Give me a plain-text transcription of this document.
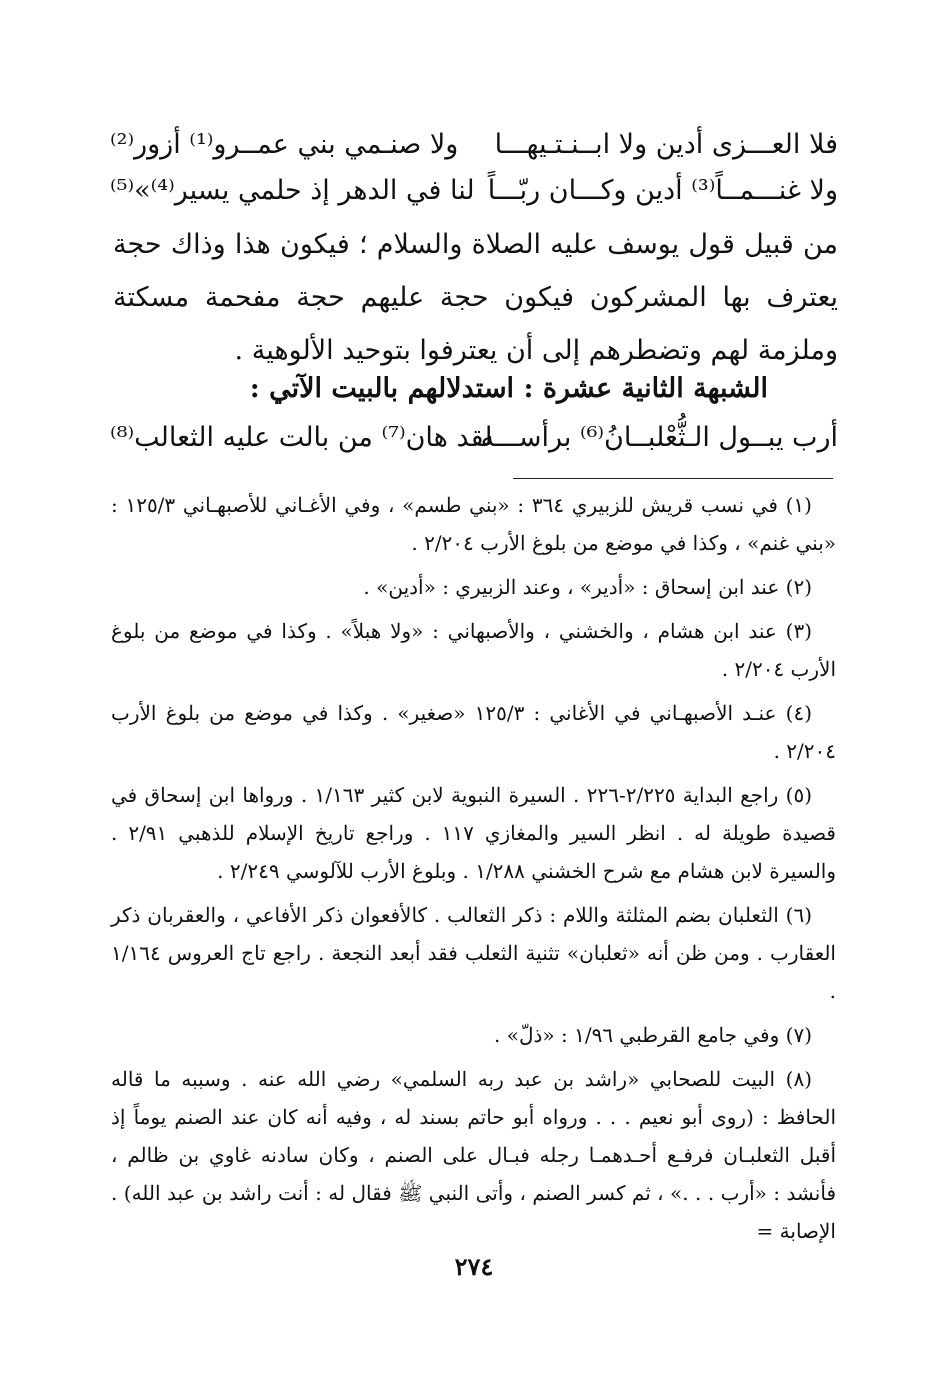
فلا العـــزى أدين ولا ابــنـتـيهـــا
ولا صنـمي بني عمــرو⁽¹⁾ أزور⁽²⁾
ولا غنـــمــاً⁽³⁾ أدين وكـــان ربّـــاً
لنا في الدهر إذ حلمي يسير⁽⁴⁾»⁽⁵⁾
من قبيل قول يوسف عليه الصلاة والسلام ؛ فيكون هذا وذاك حجة يعترف بها المشركون فيكون حجة عليهم حجة مفحمة مسكتة وملزمة لهم وتضطرهم إلى أن يعترفوا بتوحيد الألوهية .
الشبهة الثانية عشرة : استدلالهم بالبيت الآتي :
أرب يبــول الـثُّعْلبــانُ⁽⁶⁾ برأســـه
لقد هان⁽⁷⁾ من بالت عليه الثعالب⁽⁸⁾

(١) في نسب قريش للزبيري ٣٦٤ : «بني طسم» ، وفي الأغـاني للأصبهـاني ١٢٥/٣ : «بني غنم» ، وكذا في موضع من بلوغ الأرب ٢/٢٠٤ .

(٢) عند ابن إسحاق : «أدير» ، وعند الزبيري : «أدين» .

(٣) عند ابن هشام ، والخشني ، والأصبهاني : «ولا هبلاً» . وكذا في موضع من بلوغ الأرب ٢/٢٠٤ .

(٤) عنـد الأصبهـاني في الأغاني : ١٢٥/٣ «صغير» . وكذا في موضع من بلوغ الأرب ٢/٢٠٤ .

(٥) راجع البداية ٢/٢٢٥-٢٢٦ . السيرة النبوية لابن كثير ١/١٦٣ . ورواها ابن إسحاق في قصيدة طويلة له . انظر السير والمغازي ١١٧ . وراجع تاريخ الإسلام للذهبي ٢/٩١ . والسيرة لابن هشام مع شرح الخشني ١/٢٨٨ . وبلوغ الأرب للآلوسي ٢/٢٤٩ .

(٦) الثعلبان بضم المثلثة واللام : ذكر الثعالب . كالأفعوان ذكر الأفاعي ، والعقربان ذكر العقارب . ومن ظن أنه «ثعلبان» تثنية الثعلب فقد أبعد النجعة . راجع تاج العروس ١/١٦٤ .

(٧) وفي جامع القرطبي ١/٩٦ : «ذلّ» .

(٨) البيت للصحابي «راشد بن عبد ربه السلمي» رضي الله عنه . وسببه ما قاله الحافظ : (روى أبو نعيم . . . ورواه أبو حاتم بسند له ، وفيه أنه كان عند الصنم يوماً إذ أقبل الثعلبـان فرفـع أحـدهمـا رجله فبـال على الصنم ، وكان سادنه غاوي بن ظالم ، فأنشد : «أرب . . .» ، ثم كسر الصنم ، وأتى النبي ﷺ فقال له : أنت راشد بن عبد الله) . الإصابة =

٢٧٤
